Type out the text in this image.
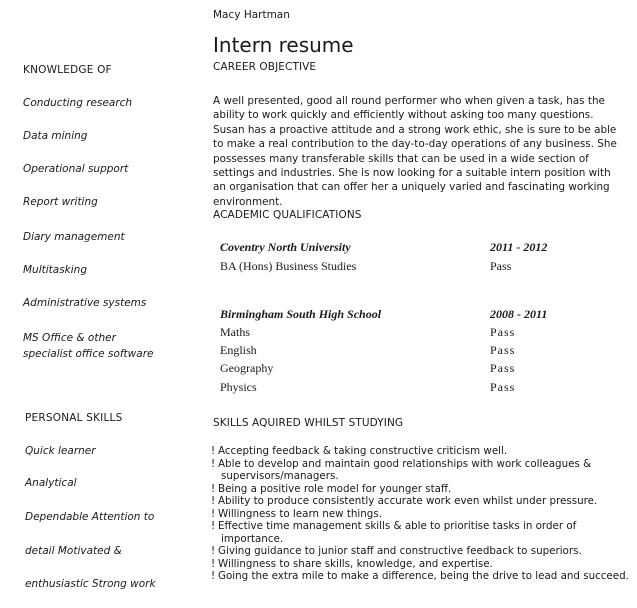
Macy Hartman
Intern resume
KNOWLEDGE OF
Conducting research
Data mining
Operational support
Report writing
Diary management
Multitasking
Administrative systems
MS Office & other
specialist office software
PERSONAL SKILLS
Quick learner
Analytical
Dependable Attention to
detail Motivated &
enthusiastic Strong work
CAREER OBJECTIVE
A well presented, good all round performer who when given a task, has the ability to work quickly and efficiently without asking too many questions. Susan has a proactive attitude and a strong work ethic, she is sure to be able to make a real contribution to the day-to-day operations of any business. She possesses many transferable skills that can be used in a wide section of settings and industries. She is now looking for a suitable intern position with an organisation that can offer her a uniquely varied and fascinating working environment.
ACADEMIC QUALIFICATIONS
Coventry North University	2011 - 2012
BA (Hons) Business Studies	Pass
Birmingham South High School	2008 - 2011
Maths	Pass
English	Pass
Geography	Pass
Physics	Pass
SKILLS AQUIRED WHILST STUDYING
! Accepting feedback & taking constructive criticism well.
! Able to develop and maintain good relationships with work colleagues &
supervisors/managers.
! Being a positive role model for younger staff.
! Ability to produce consistently accurate work even whilst under pressure.
! Willingness to learn new things.
! Effective time management skills & able to prioritise tasks in order of
importance.
! Giving guidance to junior staff and constructive feedback to superiors.
! Willingness to share skills, knowledge, and expertise.
! Going the extra mile to make a difference, being the drive to lead and succeed.
